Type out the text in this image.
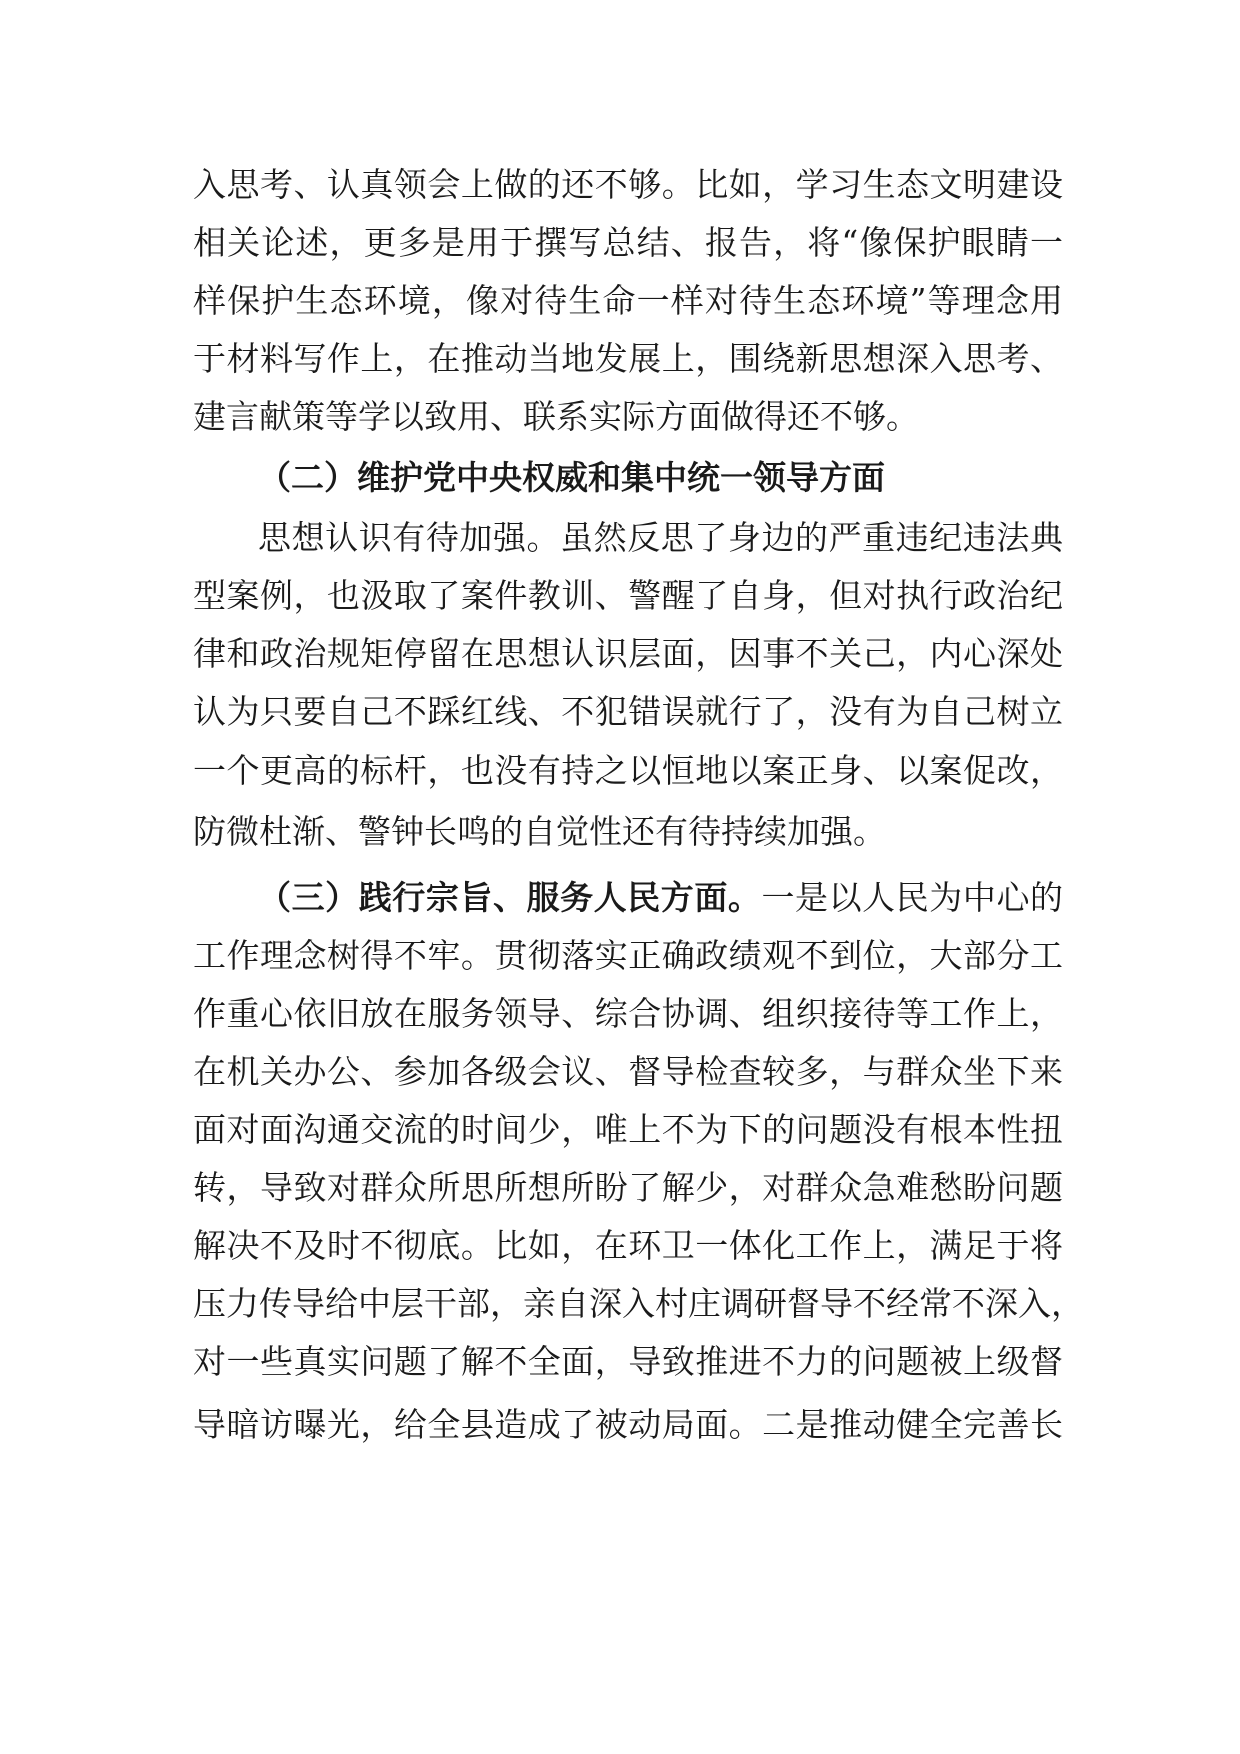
入思考、认真领会上做的还不够。比如，学习生态文明建设

相关论述，更多是用于撰写总结、报告，将“像保护眼睛一

样保护生态环境，像对待生命一样对待生态环境”等理念用

于材料写作上，在推动当地发展上，围绕新思想深入思考、

建言献策等学以致用、联系实际方面做得还不够。

（二）维护党中央权威和集中统一领导方面

思想认识有待加强。虽然反思了身边的严重违纪违法典

型案例，也汲取了案件教训、警醒了自身，但对执行政治纪

律和政治规矩停留在思想认识层面，因事不关己，内心深处

认为只要自己不踩红线、不犯错误就行了，没有为自己树立

一个更高的标杆，也没有持之以恒地以案正身、以案促改，

防微杜渐、警钟长鸣的自觉性还有待持续加强。

（三）践行宗旨、服务人民方面。一是以人民为中心的

工作理念树得不牢。贯彻落实正确政绩观不到位，大部分工

作重心依旧放在服务领导、综合协调、组织接待等工作上，

在机关办公、参加各级会议、督导检查较多，与群众坐下来

面对面沟通交流的时间少，唯上不为下的问题没有根本性扭

转，导致对群众所思所想所盼了解少，对群众急难愁盼问题

解决不及时不彻底。比如，在环卫一体化工作上，满足于将

压力传导给中层干部，亲自深入村庄调研督导不经常不深入，

对一些真实问题了解不全面，导致推进不力的问题被上级督

导暗访曝光，给全县造成了被动局面。二是推动健全完善长
